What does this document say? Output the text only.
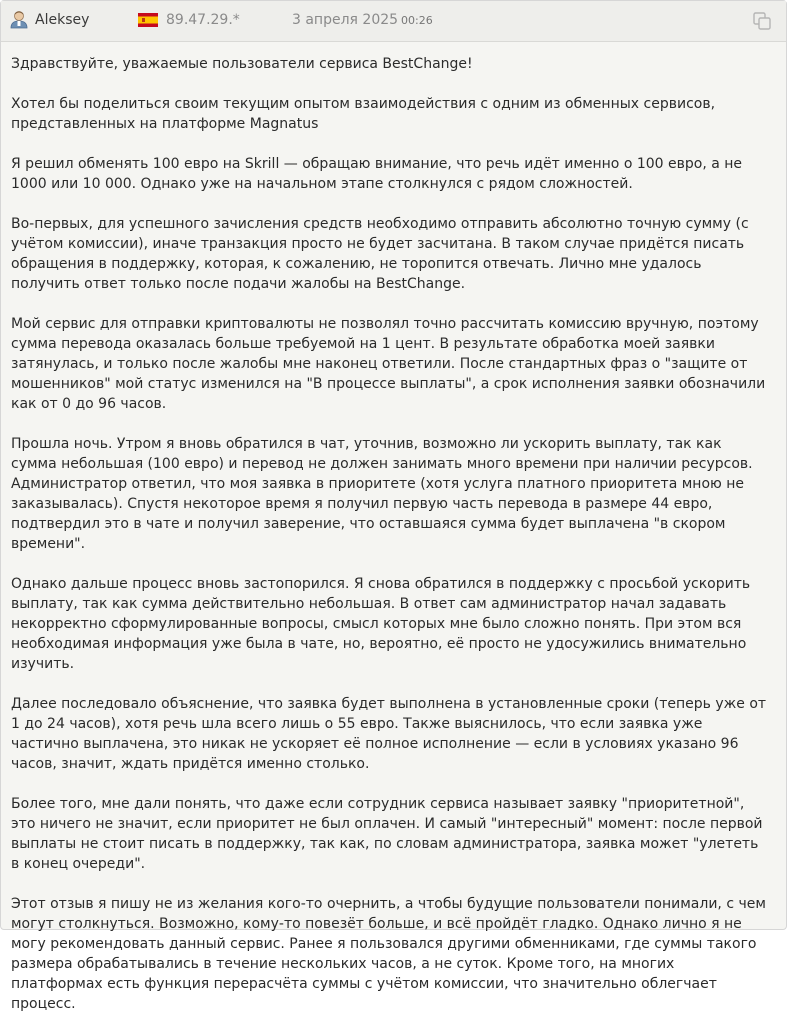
Aleksey	89.47.29.*	3 апреля 2025 00:26

Здравствуйте, уважаемые пользователи сервиса BestChange!

Хотел бы поделиться своим текущим опытом взаимодействия с одним из обменных сервисов, представленных на платформе Magnatus

Я решил обменять 100 евро на Skrill — обращаю внимание, что речь идёт именно о 100 евро, а не 1000 или 10 000. Однако уже на начальном этапе столкнулся с рядом сложностей.

Во-первых, для успешного зачисления средств необходимо отправить абсолютно точную сумму (с учётом комиссии), иначе транзакция просто не будет засчитана. В таком случае придётся писать обращения в поддержку, которая, к сожалению, не торопится отвечать. Лично мне удалось получить ответ только после подачи жалобы на BestChange.

Мой сервис для отправки криптовалюты не позволял точно рассчитать комиссию вручную, поэтому сумма перевода оказалась больше требуемой на 1 цент. В результате обработка моей заявки затянулась, и только после жалобы мне наконец ответили. После стандартных фраз о "защите от мошенников" мой статус изменился на "В процессе выплаты", а срок исполнения заявки обозначили как от 0 до 96 часов.

Прошла ночь. Утром я вновь обратился в чат, уточнив, возможно ли ускорить выплату, так как сумма небольшая (100 евро) и перевод не должен занимать много времени при наличии ресурсов. Администратор ответил, что моя заявка в приоритете (хотя услуга платного приоритета мною не заказывалась). Спустя некоторое время я получил первую часть перевода в размере 44 евро, подтвердил это в чате и получил заверение, что оставшаяся сумма будет выплачена "в скором времени".

Однако дальше процесс вновь застопорился. Я снова обратился в поддержку с просьбой ускорить выплату, так как сумма действительно небольшая. В ответ сам администратор начал задавать некорректно сформулированные вопросы, смысл которых мне было сложно понять. При этом вся необходимая информация уже была в чате, но, вероятно, её просто не удосужились внимательно изучить.

Далее последовало объяснение, что заявка будет выполнена в установленные сроки (теперь уже от 1 до 24 часов), хотя речь шла всего лишь о 55 евро. Также выяснилось, что если заявка уже частично выплачена, это никак не ускоряет её полное исполнение — если в условиях указано 96 часов, значит, ждать придётся именно столько.

Более того, мне дали понять, что даже если сотрудник сервиса называет заявку "приоритетной", это ничего не значит, если приоритет не был оплачен. И самый "интересный" момент: после первой выплаты не стоит писать в поддержку, так как, по словам администратора, заявка может "улететь в конец очереди".

Этот отзыв я пишу не из желания кого-то очернить, а чтобы будущие пользователи понимали, с чем могут столкнуться. Возможно, кому-то повезёт больше, и всё пройдёт гладко. Однако лично я не могу рекомендовать данный сервис. Ранее я пользовался другими обменниками, где суммы такого размера обрабатывались в течение нескольких часов, а не суток. Кроме того, на многих платформах есть функция перерасчёта суммы с учётом комиссии, что значительно облегчает процесс.
